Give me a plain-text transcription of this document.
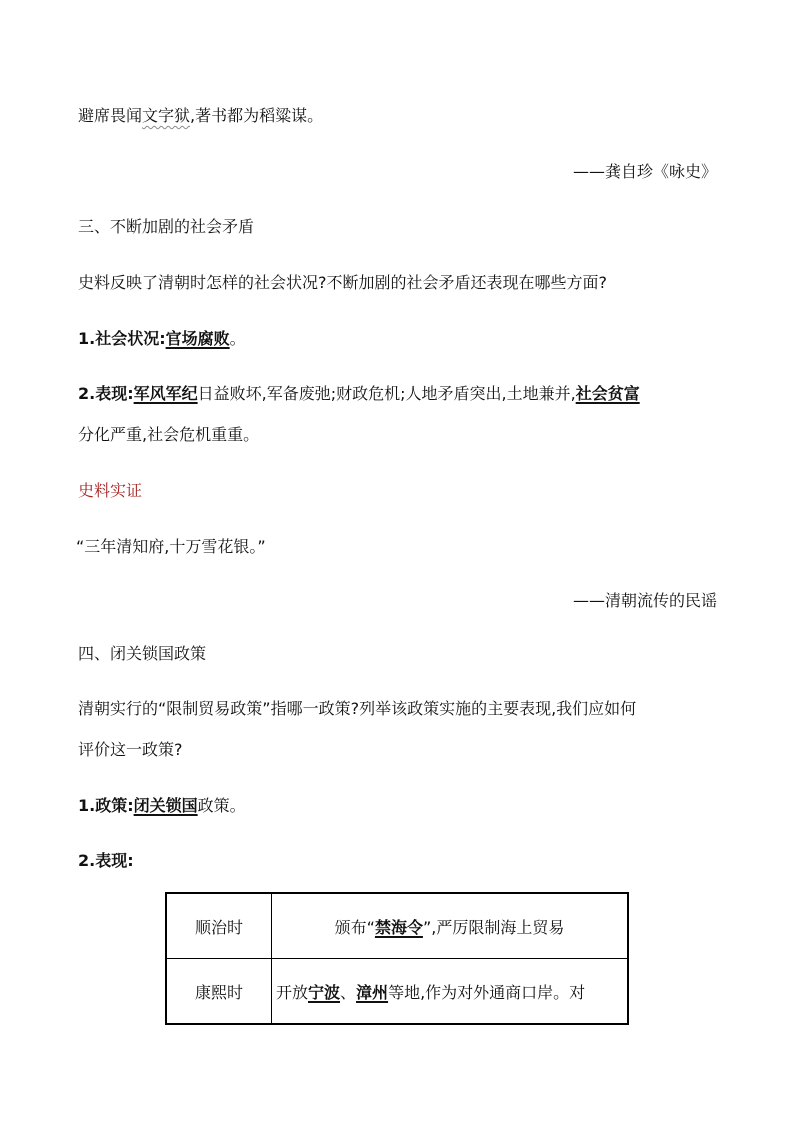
避席畏闻文字狱,著书都为稻粱谋。
——龚自珍《咏史》
三、不断加剧的社会矛盾
史料反映了清朝时怎样的社会状况?不断加剧的社会矛盾还表现在哪些方面?
1.社会状况:官场腐败。
2.表现:军风军纪日益败坏,军备废弛;财政危机;人地矛盾突出,土地兼并,社会贫富
分化严重,社会危机重重。
史料实证
“三年清知府,十万雪花银。”
——清朝流传的民谣
四、闭关锁国政策
清朝实行的“限制贸易政策”指哪一政策?列举该政策实施的主要表现,我们应如何
评价这一政策?
1.政策:闭关锁国政策。
2.表现:
顺治时	颁布“禁海令”,严厉限制海上贸易
康熙时	开放宁波、漳州等地,作为对外通商口岸。对
